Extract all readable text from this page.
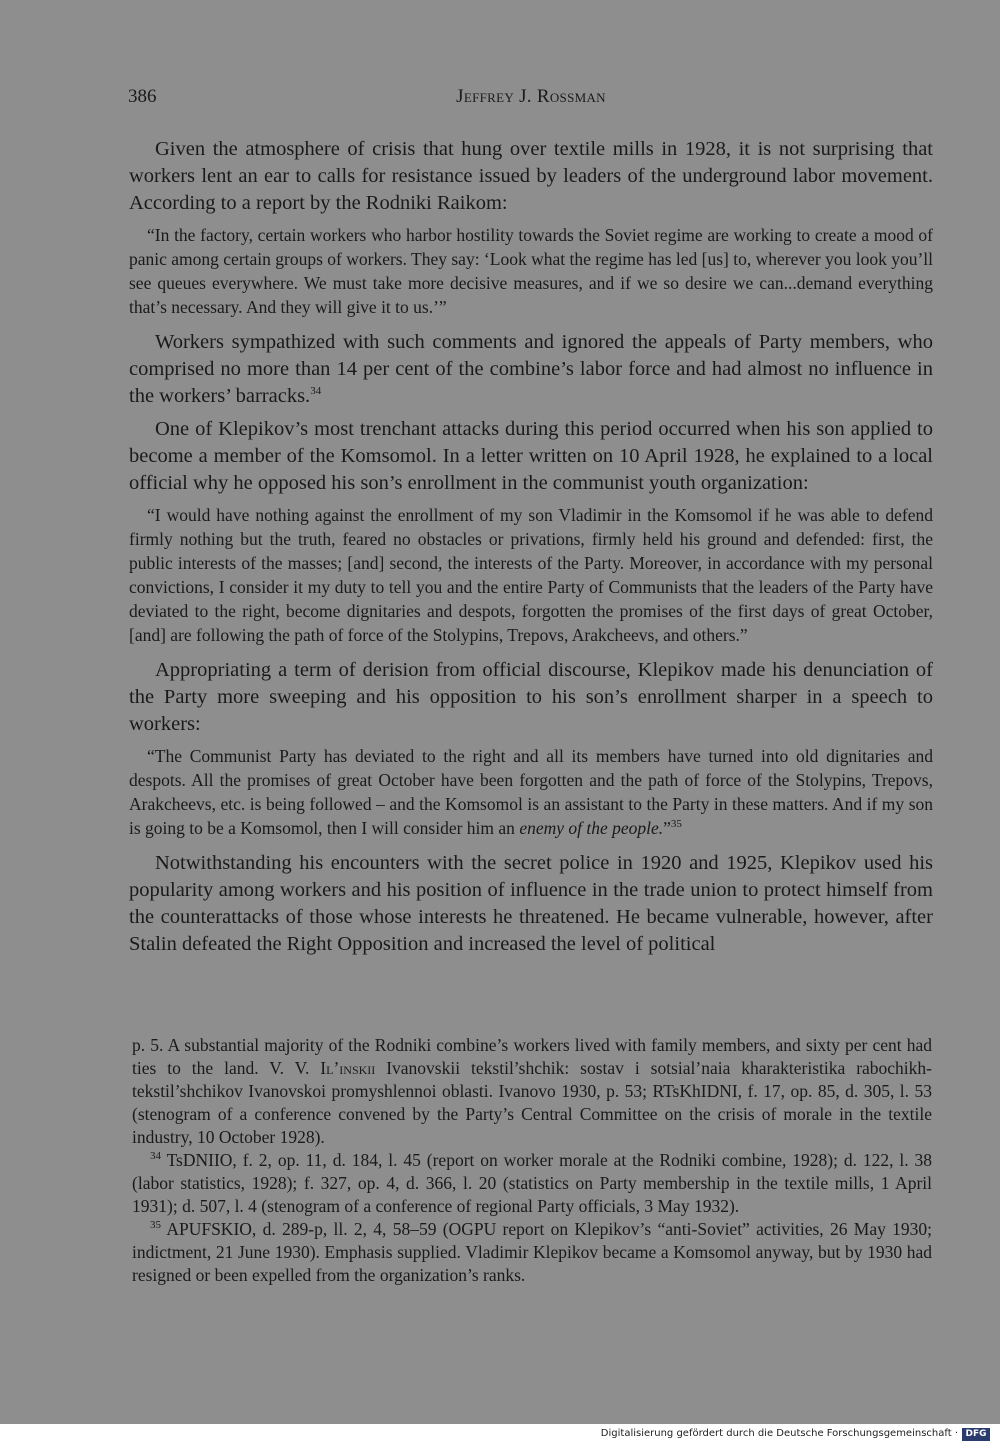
386	Jeffrey J. Rossman

Given the atmosphere of crisis that hung over textile mills in 1928, it is not surprising that workers lent an ear to calls for resistance issued by leaders of the underground labor movement. According to a report by the Rodniki Raikom:

“In the factory, certain workers who harbor hostility towards the Soviet regime are working to create a mood of panic among certain groups of workers. They say: ‘Look what the regime has led [us] to, wherever you look you’ll see queues everywhere. We must take more decisive measures, and if we so desire we can...demand everything that’s necessary. And they will give it to us.’”

Workers sympathized with such comments and ignored the appeals of Party members, who comprised no more than 14 per cent of the combine’s labor force and had almost no influence in the workers’ barracks.$^{34}$

One of Klepikov’s most trenchant attacks during this period occurred when his son applied to become a member of the Komsomol. In a letter written on 10 April 1928, he explained to a local official why he opposed his son’s enrollment in the communist youth organization:

“I would have nothing against the enrollment of my son Vladimir in the Komsomol if he was able to defend firmly nothing but the truth, feared no obstacles or privations, firmly held his ground and defended: first, the public interests of the masses; [and] second, the interests of the Party. Moreover, in accordance with my personal convictions, I consider it my duty to tell you and the entire Party of Communists that the leaders of the Party have deviated to the right, become dignitaries and despots, forgotten the promises of the first days of great October, [and] are following the path of force of the Stolypins, Trepovs, Arakcheevs, and others.”

Appropriating a term of derision from official discourse, Klepikov made his denunciation of the Party more sweeping and his opposition to his son’s enrollment sharper in a speech to workers:

“The Communist Party has deviated to the right and all its members have turned into old dignitaries and despots. All the promises of great October have been forgotten and the path of force of the Stolypins, Trepovs, Arakcheevs, etc. is being followed – and the Komsomol is an assistant to the Party in these matters. And if my son is going to be a Komsomol, then I will consider him an enemy of the people.”$^{35}$

Notwithstanding his encounters with the secret police in 1920 and 1925, Klepikov used his popularity among workers and his position of influence in the trade union to protect himself from the counterattacks of those whose interests he threatened. He became vulnerable, however, after Stalin defeated the Right Opposition and increased the level of political

p. 5. A substantial majority of the Rodniki combine’s workers lived with family members, and sixty per cent had ties to the land. V. V. Il’inskii Ivanovskii tekstil’shchik: sostav i sotsial’naia kharakteristika rabochikh-tekstil’shchikov Ivanovskoi promyshlennoi oblasti. Ivanovo 1930, p. 53; RTsKhIDNI, f. 17, op. 85, d. 305, l. 53 (stenogram of a conference convened by the Party’s Central Committee on the crisis of morale in the textile industry, 10 October 1928).

$^{34}$ TsDNIIO, f. 2, op. 11, d. 184, l. 45 (report on worker morale at the Rodniki combine, 1928); d. 122, l. 38 (labor statistics, 1928); f. 327, op. 4, d. 366, l. 20 (statistics on Party membership in the textile mills, 1 April 1931); d. 507, l. 4 (stenogram of a conference of regional Party officials, 3 May 1932).

$^{35}$ APUFSKIO, d. 289-p, ll. 2, 4, 58–59 (OGPU report on Klepikov’s “anti-Soviet” activities, 26 May 1930; indictment, 21 June 1930). Emphasis supplied. Vladimir Klepikov became a Komsomol anyway, but by 1930 had resigned or been expelled from the organization’s ranks.

Digitalisierung gefördert durch die Deutsche Forschungsgemeinschaft · DFG
